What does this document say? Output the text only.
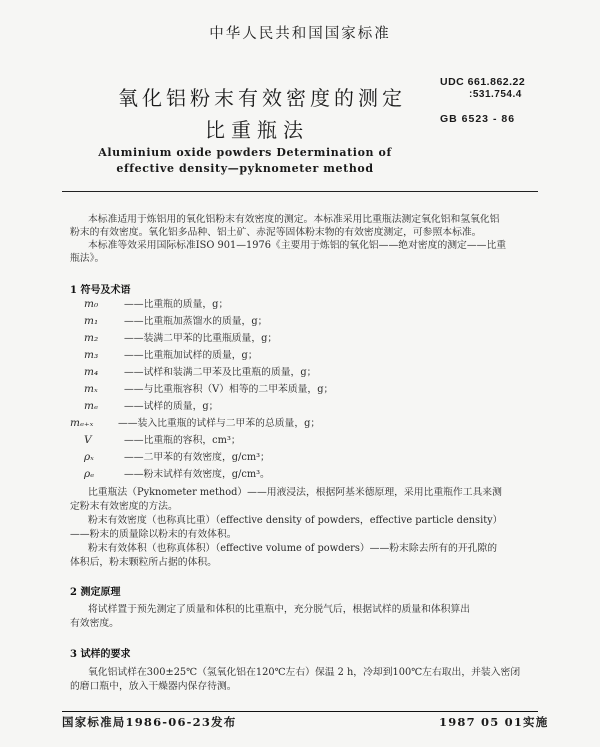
中华人民共和国国家标准
氧化铝粉末有效密度的测定
比重瓶法
UDC 661.862.22
:531.754.4
GB 6523 - 86
Aluminium oxide powders Determination of
effective density—pyknometer method
本标准适用于炼铝用的氧化铝粉末有效密度的测定。本标准采用比重瓶法测定氧化铝和氢氧化铝
粉末的有效密度。氧化铝多品种、铝土矿、赤泥等固体粉末物的有效密度测定，可参照本标准。
本标准等效采用国际标准ISO 901—1976《主要用于炼铝的氧化铝——绝对密度的测定——比重
瓶法》。
1 符号及术语
m₀	——比重瓶的质量，g；
m₁	——比重瓶加蒸馏水的质量，g；
m₂	——装满二甲苯的比重瓶质量，g；
m₃	——比重瓶加试样的质量，g；
m₄	——试样和装满二甲苯及比重瓶的质量，g；
mₓ	——与比重瓶容积（V）相等的二甲苯质量，g；
mₑ	——试样的质量，g；
mₑ₊ₓ	——装入比重瓶的试样与二甲苯的总质量，g；
V	——比重瓶的容积，cm³；
ρₓ	——二甲苯的有效密度，g/cm³；
ρₑ	——粉末试样有效密度，g/cm³。
比重瓶法（Pyknometer method）——用液浸法，根据阿基米德原理，采用比重瓶作工具来测
定粉末有效密度的方法。
粉末有效密度（也称真比重）（effective density of powders，effective particle density）
——粉末的质量除以粉末的有效体积。
粉末有效体积（也称真体积）（effective volume of powders）——粉末除去所有的开孔隙的
体积后，粉末颗粒所占据的体积。
2 测定原理
将试样置于预先测定了质量和体积的比重瓶中，充分脱气后，根据试样的质量和体积算出
有效密度。
3 试样的要求
氧化铝试样在300±25℃（氢氧化铝在120℃左右）保温 2 h，冷却到100℃左右取出，并装入密闭
的磨口瓶中，放入干燥器内保存待测。
国家标准局1986-06-23发布	1987 05 01实施
